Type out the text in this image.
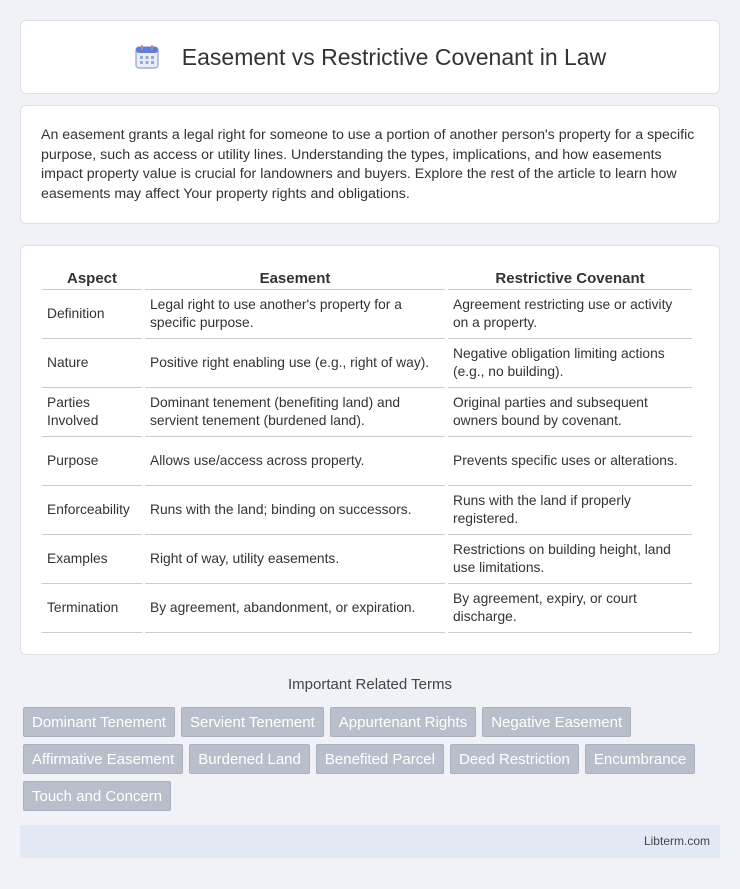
Easement vs Restrictive Covenant in Law

An easement grants a legal right for someone to use a portion of another person's property for a specific purpose, such as access or utility lines. Understanding the types, implications, and how easements impact property value is crucial for landowners and buyers. Explore the rest of the article to learn how easements may affect Your property rights and obligations.

Aspect	Easement	Restrictive Covenant
Definition	Legal right to use another's property for a specific purpose.	Agreement restricting use or activity on a property.
Nature	Positive right enabling use (e.g., right of way).	Negative obligation limiting actions (e.g., no building).
Parties Involved	Dominant tenement (benefiting land) and servient tenement (burdened land).	Original parties and subsequent owners bound by covenant.
Purpose	Allows use/access across property.	Prevents specific uses or alterations.
Enforceability	Runs with the land; binding on successors.	Runs with the land if properly registered.
Examples	Right of way, utility easements.	Restrictions on building height, land use limitations.
Termination	By agreement, abandonment, or expiration.	By agreement, expiry, or court discharge.
Important Related Terms
Dominant Tenement	Servient Tenement	Appurtenant Rights	Negative Easement
Affirmative Easement	Burdened Land	Benefited Parcel	Deed Restriction	Encumbrance
Touch and Concern
Libterm.com
